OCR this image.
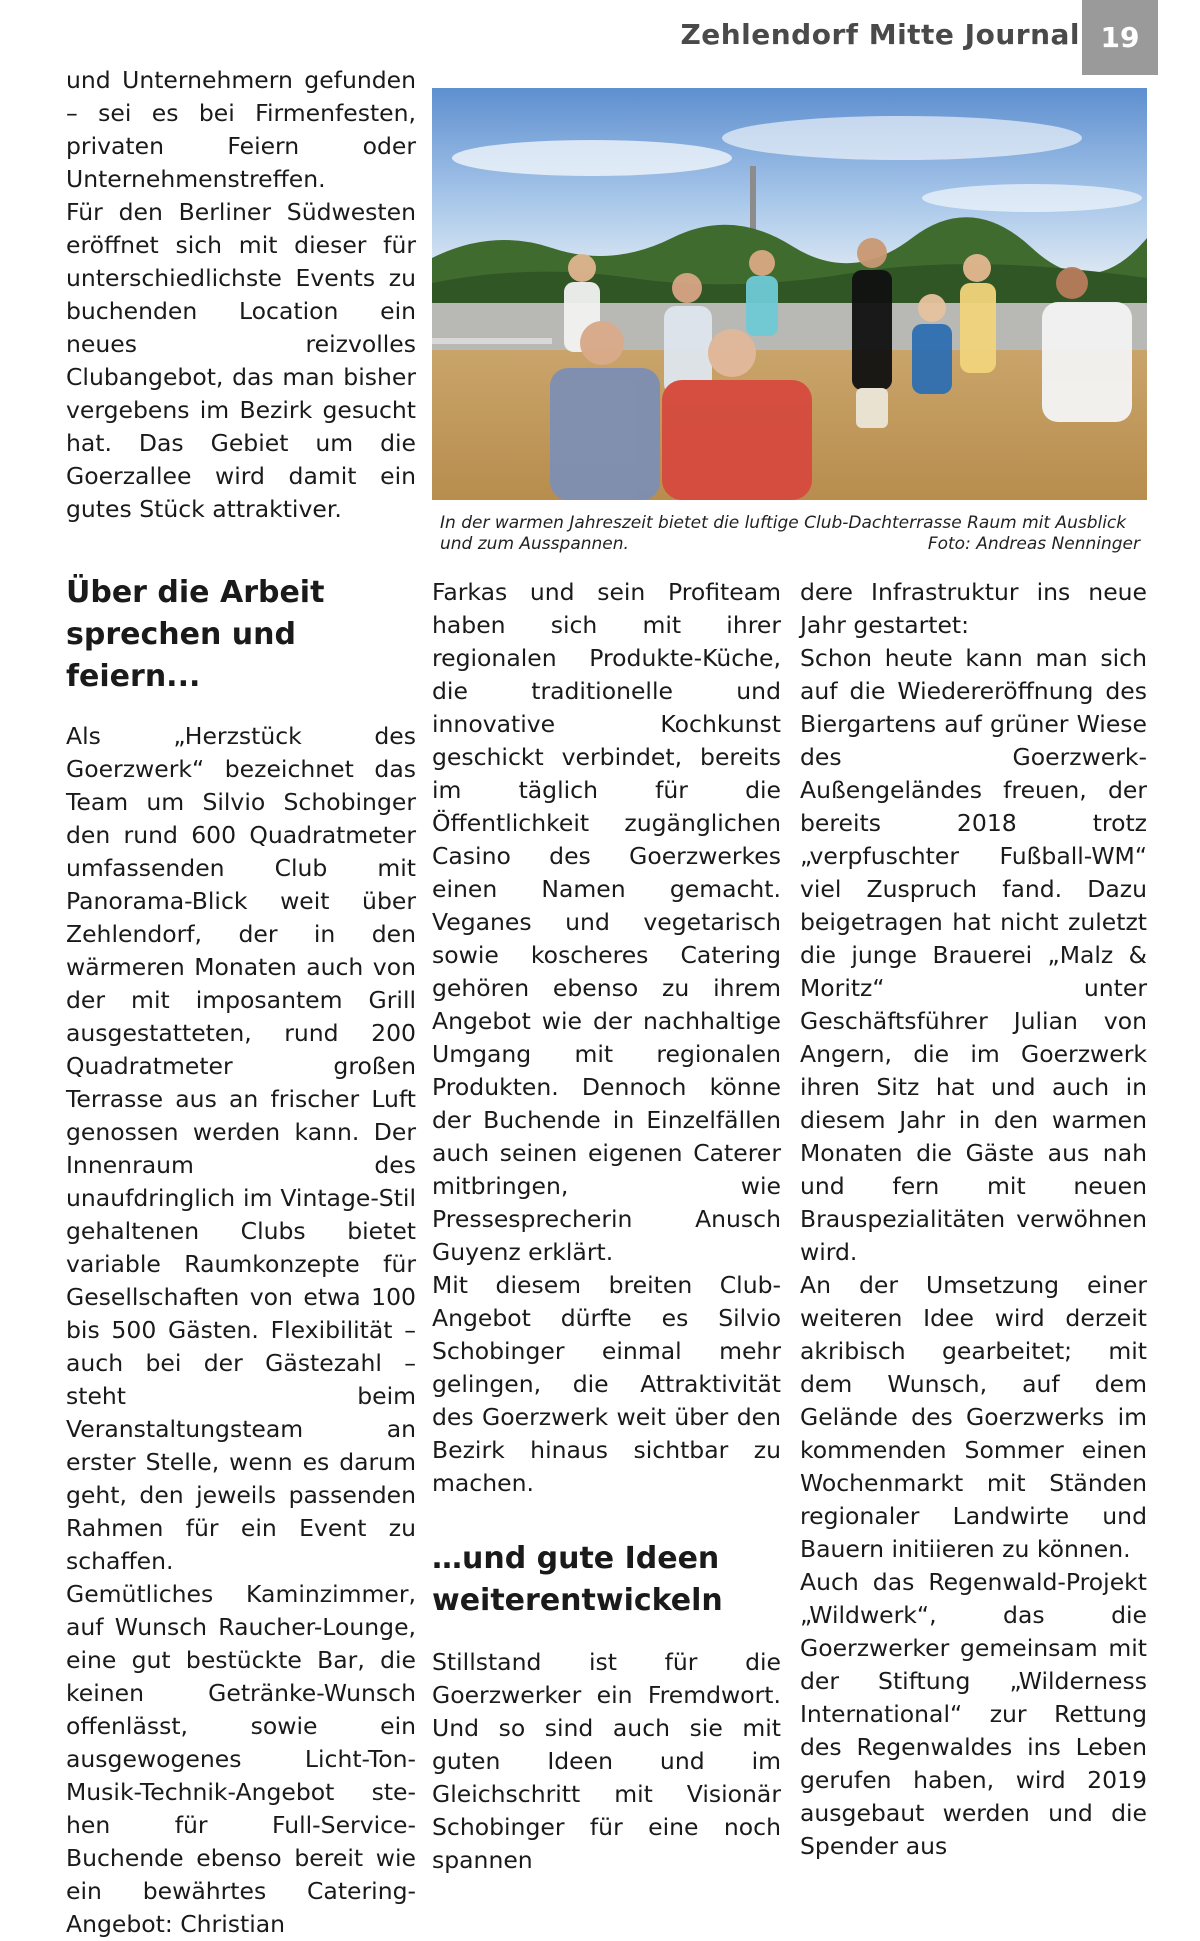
Zehlendorf Mitte Journal 19

und Unternehmern gefunden – sei es bei Firmenfesten, privaten Feiern oder Unternehmenstreffen.

Für den Berliner Südwesten eröffnet sich mit dieser für unterschiedlichste Events zu buchenden Location ein neues reizvolles Clubangebot, das man bisher vergebens im Bezirk gesucht hat. Das Gebiet um die Goerzallee wird damit ein gutes Stück attraktiver.

Über die Arbeit sprechen und feiern...

Als „Herzstück des Goerzwerk“ bezeichnet das Team um Silvio Schobinger den rund 600 Quadratmeter umfassenden Club mit Panorama-Blick weit über Zehlendorf, der in den wärmeren Monaten auch von der mit imposantem Grill ausgestatteten, rund 200 Quadratmeter großen Terrasse aus an frischer Luft genossen werden kann. Der Innenraum des unaufdringlich im Vintage-Stil gehaltenen Clubs bietet variable Raumkonzepte für Gesellschaften von etwa 100 bis 500 Gästen. Flexibilität – auch bei der Gästezahl – steht beim Veranstaltungsteam an erster Stelle, wenn es darum geht, den jeweils passenden Rahmen für ein Event zu schaffen.

Gemütliches Kaminzimmer, auf Wunsch Raucher-Lounge, eine gut bestückte Bar, die keinen Getränke-Wunsch offenlässt, sowie ein ausgewogenes Licht-Ton-Musik-Technik-Angebot stehen für Full-Service-Buchende ebenso bereit wie ein bewährtes Catering-Angebot: Christian

In der warmen Jahreszeit bietet die luftige Club-Dachterrasse Raum mit Ausblick und zum Ausspannen.	Foto: Andreas Nenninger

Farkas und sein Profiteam haben sich mit ihrer regionalen Produkte-Küche, die traditionelle und innovative Kochkunst geschickt verbindet, bereits im täglich für die Öffentlichkeit zugänglichen Casino des Goerzwerkes einen Namen gemacht. Veganes und vegetarisch sowie koscheres Catering gehören ebenso zu ihrem Angebot wie der nachhaltige Umgang mit regionalen Produkten. Dennoch könne der Buchende in Einzelfällen auch seinen eigenen Caterer mitbringen, wie Pressesprecherin Anusch Guyenz erklärt.

Mit diesem breiten Club-Angebot dürfte es Silvio Schobinger einmal mehr gelingen, die Attraktivität des Goerzwerk weit über den Bezirk hinaus sichtbar zu machen.

…und gute Ideen weiterentwickeln

Stillstand ist für die Goerzwerker ein Fremdwort. Und so sind auch sie mit guten Ideen und im Gleichschritt mit Visionär Schobinger für eine noch spannen

dere Infrastruktur ins neue Jahr gestartet:

Schon heute kann man sich auf die Wiedereröffnung des Biergartens auf grüner Wiese des Goerzwerk-Außengeländes freuen, der bereits 2018 trotz „verpfuschter Fußball-WM“ viel Zuspruch fand. Dazu beigetragen hat nicht zuletzt die junge Brauerei „Malz & Moritz“ unter Geschäftsführer Julian von Angern, die im Goerzwerk ihren Sitz hat und auch in diesem Jahr in den warmen Monaten die Gäste aus nah und fern mit neuen Brauspezialitäten verwöhnen wird.

An der Umsetzung einer weiteren Idee wird derzeit akribisch gearbeitet; mit dem Wunsch, auf dem Gelände des Goerzwerks im kommenden Sommer einen Wochenmarkt mit Ständen regionaler Landwirte und Bauern initiieren zu können.

Auch das Regenwald-Projekt „Wildwerk“, das die Goerzwerker gemeinsam mit der Stiftung „Wilderness International“ zur Rettung des Regenwaldes ins Leben gerufen haben, wird 2019 ausgebaut werden und die Spender aus
